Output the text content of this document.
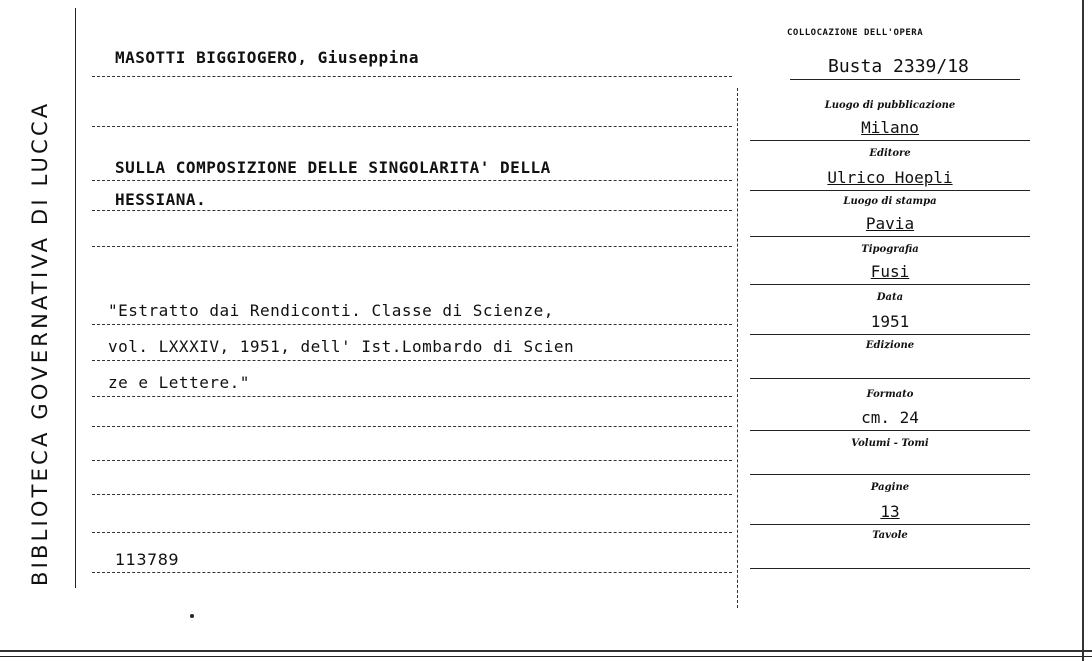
BIBLIOTECA GOVERNATIVA DI LUCCA
COLLOCAZIONE DELL'OPERA
Busta 2339/18
MASOTTI BIGGIOGERO, Giuseppina
SULLA COMPOSIZIONE DELLE SINGOLARITA' DELLA
HESSIANA.
"Estratto dai Rendiconti. Classe di Scienze,
vol. LXXXIV, 1951, dell' Ist.Lombardo di Scien
ze e Lettere."
113789
Luogo di pubblicazione
Milano
Editore
Ulrico Hoepli
Luogo di stampa
Pavia
Tipografia
Fusi
Data
1951
Edizione
Formato
cm. 24
Volumi - Tomi
Pagine
13
Tavole
